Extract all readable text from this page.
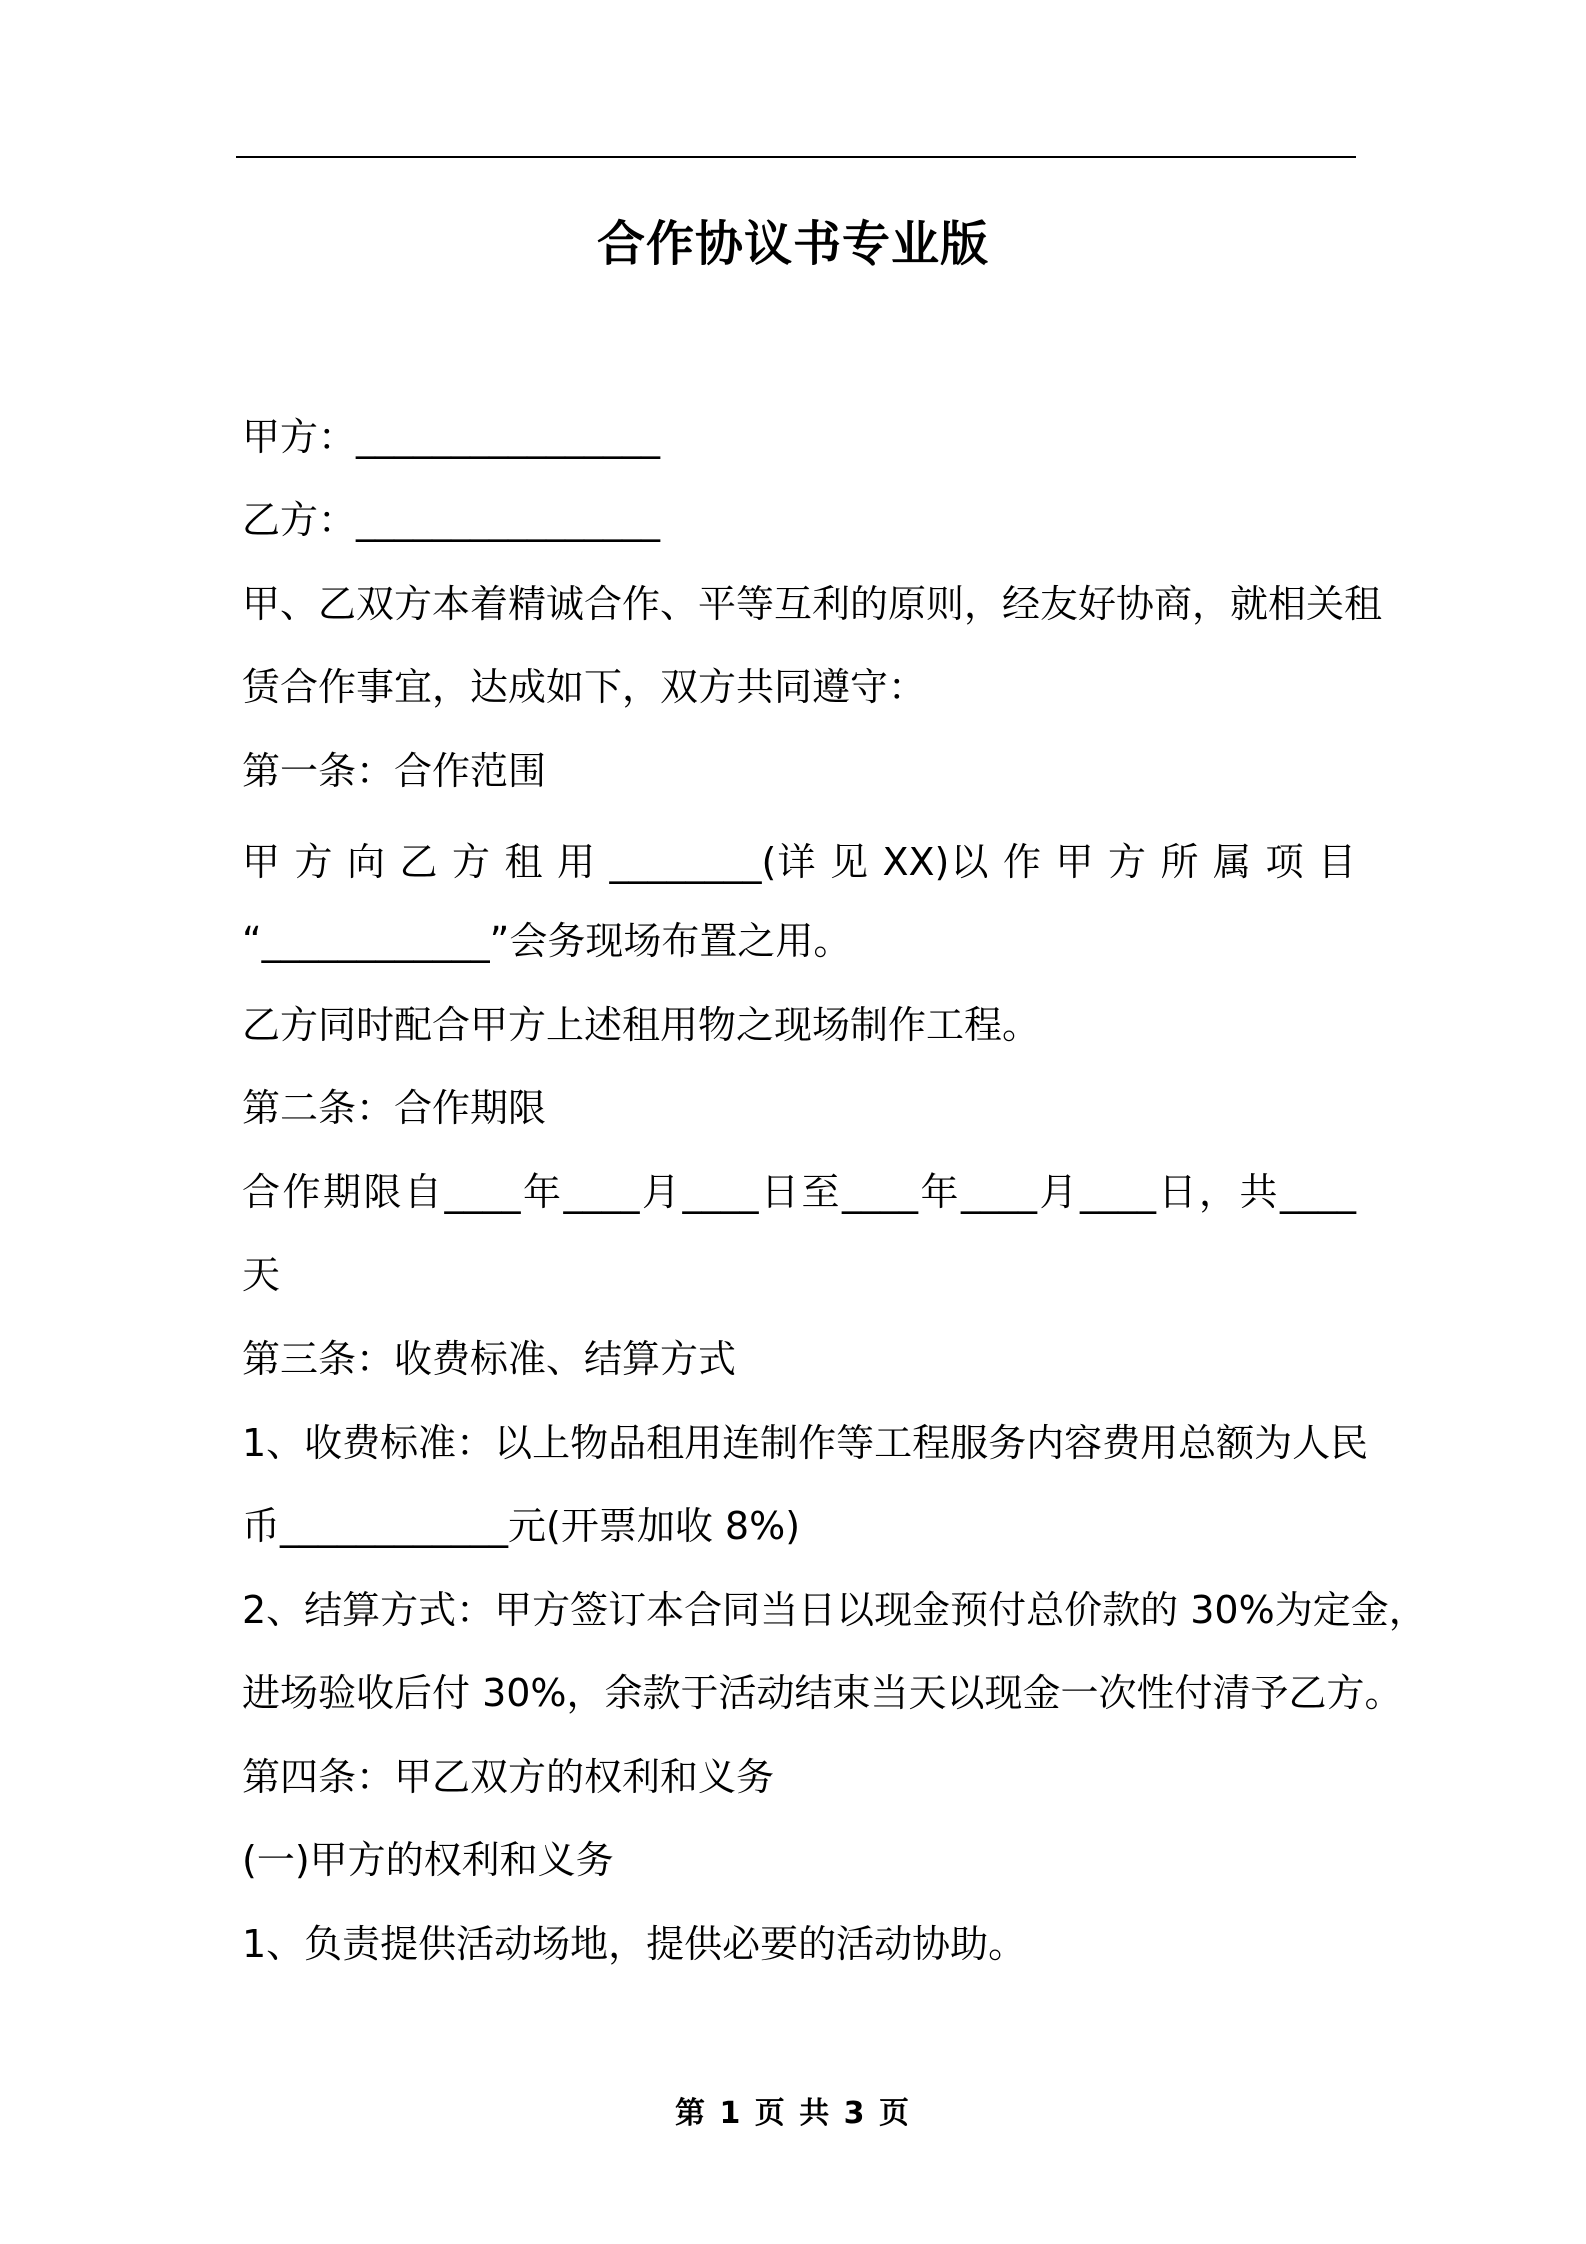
合作协议书专业版

甲方：________________

乙方：________________

甲、乙双方本着精诚合作、平等互利的原则，经友好协商，就相关租

赁合作事宜，达成如下，双方共同遵守：

第一条：合作范围

甲 方 向 乙 方 租 用 ________(详 见 XX)以 作 甲 方 所 属 项 目

“____________”会务现场布置之用。

乙方同时配合甲方上述租用物之现场制作工程。

第二条：合作期限

合作期限自____年____月____日至____年____月____日，共____

天

第三条：收费标准、结算方式

1、收费标准：以上物品租用连制作等工程服务内容费用总额为人民

币____________元(开票加收 8%)

2、结算方式：甲方签订本合同当日以现金预付总价款的 30%为定金，

进场验收后付 30%，余款于活动结束当天以现金一次性付清予乙方。

第四条：甲乙双方的权利和义务

(一)甲方的权利和义务

1、负责提供活动场地，提供必要的活动协助。

第 1 页 共 3 页
